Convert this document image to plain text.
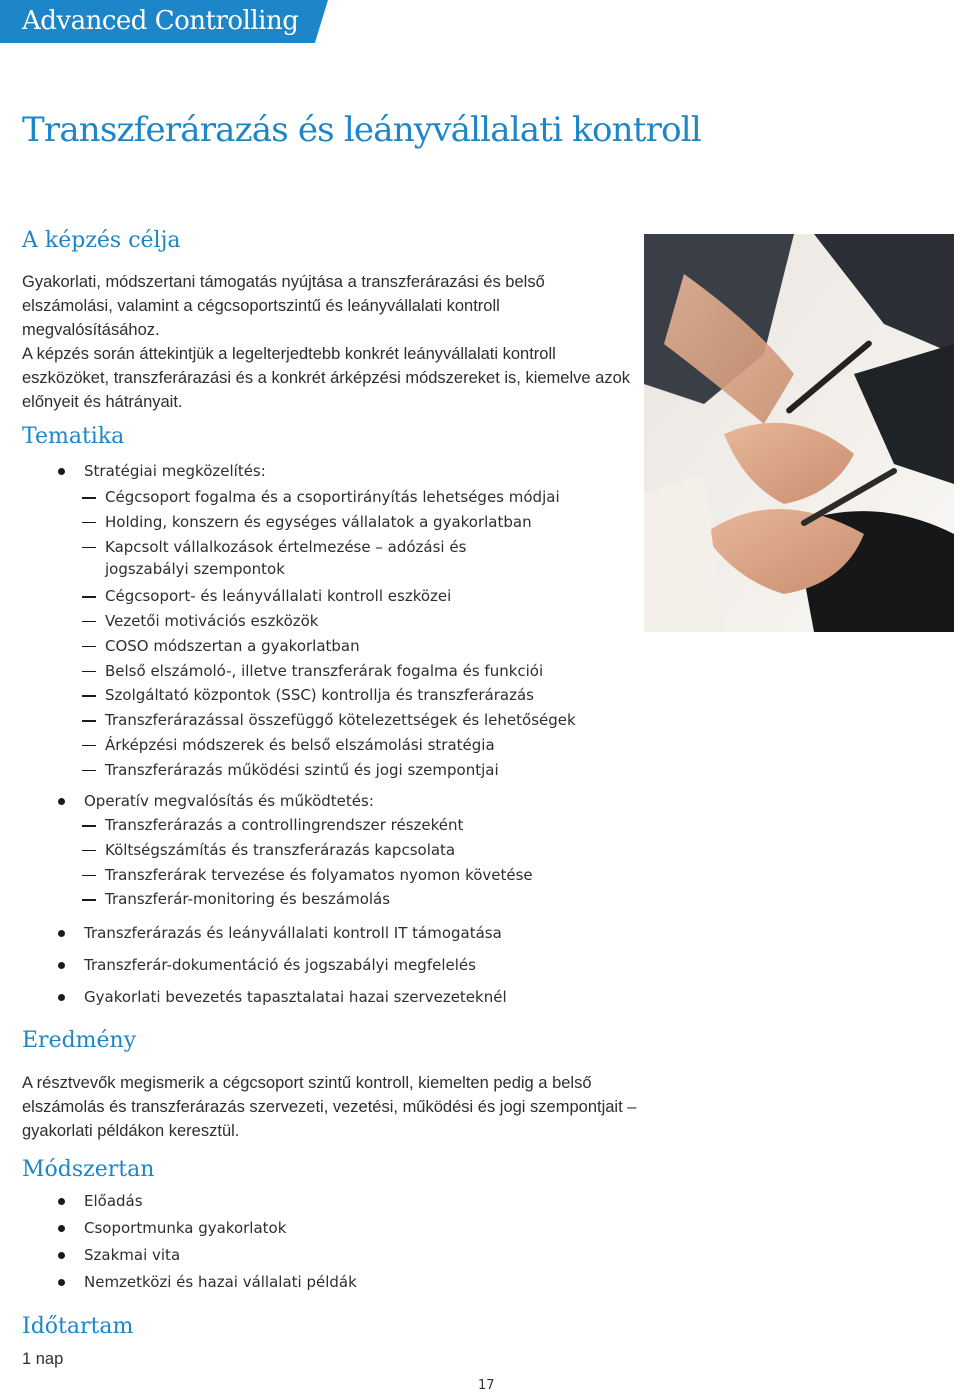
Advanced Controlling
Transzferárazás és leányvállalati kontroll
A képzés célja
Gyakorlati, módszertani támogatás nyújtása a transzferárazási és belső
elszámolási, valamint a cégcsoportszintű és leányvállalati kontroll
megvalósításához.
A képzés során áttekintjük a legelterjedtebb konkrét leányvállalati kontroll
eszközöket, transzferárazási és a konkrét árképzési módszereket is, kiemelve azok
előnyeit és hátrányait.
Tematika
Stratégiai megközelítés:
Cégcsoport fogalma és a csoportirányítás lehetséges módjai
Holding, konszern és egységes vállalatok a gyakorlatban
Kapcsolt vállalkozások értelmezése – adózási és jogszabályi szempontok
Cégcsoport- és leányvállalati kontroll eszközei
Vezetői motivációs eszközök
COSO módszertan a gyakorlatban
Belső elszámoló-, illetve transzferárak fogalma és funkciói
Szolgáltató központok (SSC) kontrollja és transzferárazás
Transzferárazással összefüggő kötelezettségek és lehetőségek
Árképzési módszerek és belső elszámolási stratégia
Transzferárazás működési szintű és jogi szempontjai
Operatív megvalósítás és működtetés:
Transzferárazás a controllingrendszer részeként
Költségszámítás és transzferárazás kapcsolata
Transzferárak tervezése és folyamatos nyomon követése
Transzferár-monitoring és beszámolás
Transzferárazás és leányvállalati kontroll IT támogatása
Transzferár-dokumentáció és jogszabályi megfelelés
Gyakorlati bevezetés tapasztalatai hazai szervezeteknél
Eredmény
A résztvevők megismerik a cégcsoport szintű kontroll, kiemelten pedig a belső
elszámolás és transzferárazás szervezeti, vezetési, működési és jogi szempontjait –
gyakorlati példákon keresztül.
Módszertan
Előadás
Csoportmunka gyakorlatok
Szakmai vita
Nemzetközi és hazai vállalati példák
Időtartam
1 nap
17
